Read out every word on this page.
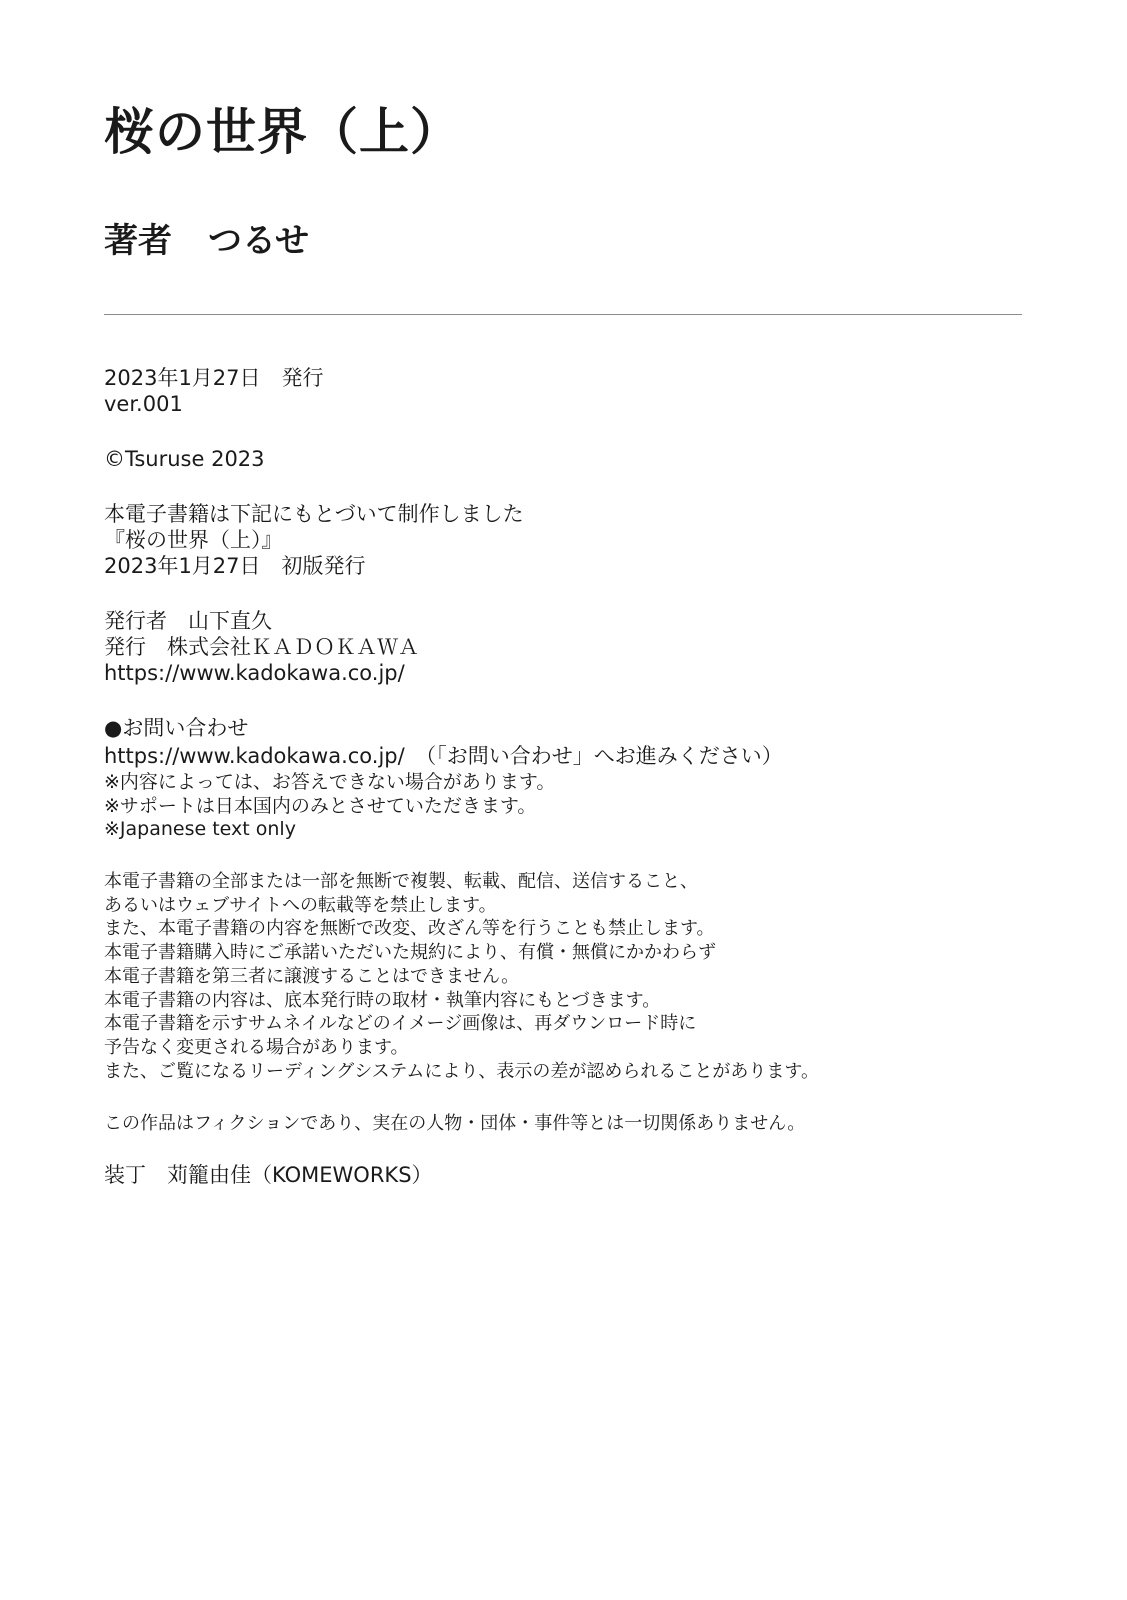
桜の世界（上）
著者 つるせ
2023年1月27日　発行
ver.001
©Tsuruse 2023
本電子書籍は下記にもとづいて制作しました
『桜の世界（上）』
2023年1月27日　初版発行
発行者　山下直久
発行　株式会社ＫＡＤＯＫＡＷＡ
https://www.kadokawa.co.jp/
●お問い合わせ
https://www.kadokawa.co.jp/　（「お問い合わせ」へお進みください）
※内容によっては、お答えできない場合があります。
※サポートは日本国内のみとさせていただきます。
※Japanese text only
本電子書籍の全部または一部を無断で複製、転載、配信、送信すること、
あるいはウェブサイトへの転載等を禁止します。
また、本電子書籍の内容を無断で改変、改ざん等を行うことも禁止します。
本電子書籍購入時にご承諾いただいた規約により、有償・無償にかかわらず
本電子書籍を第三者に譲渡することはできません。
本電子書籍の内容は、底本発行時の取材・執筆内容にもとづきます。
本電子書籍を示すサムネイルなどのイメージ画像は、再ダウンロード時に
予告なく変更される場合があります。
また、ご覧になるリーディングシステムにより、表示の差が認められることがあります。
この作品はフィクションであり、実在の人物・団体・事件等とは一切関係ありません。
装丁　苅籠由佳（KOMEWORKS）
